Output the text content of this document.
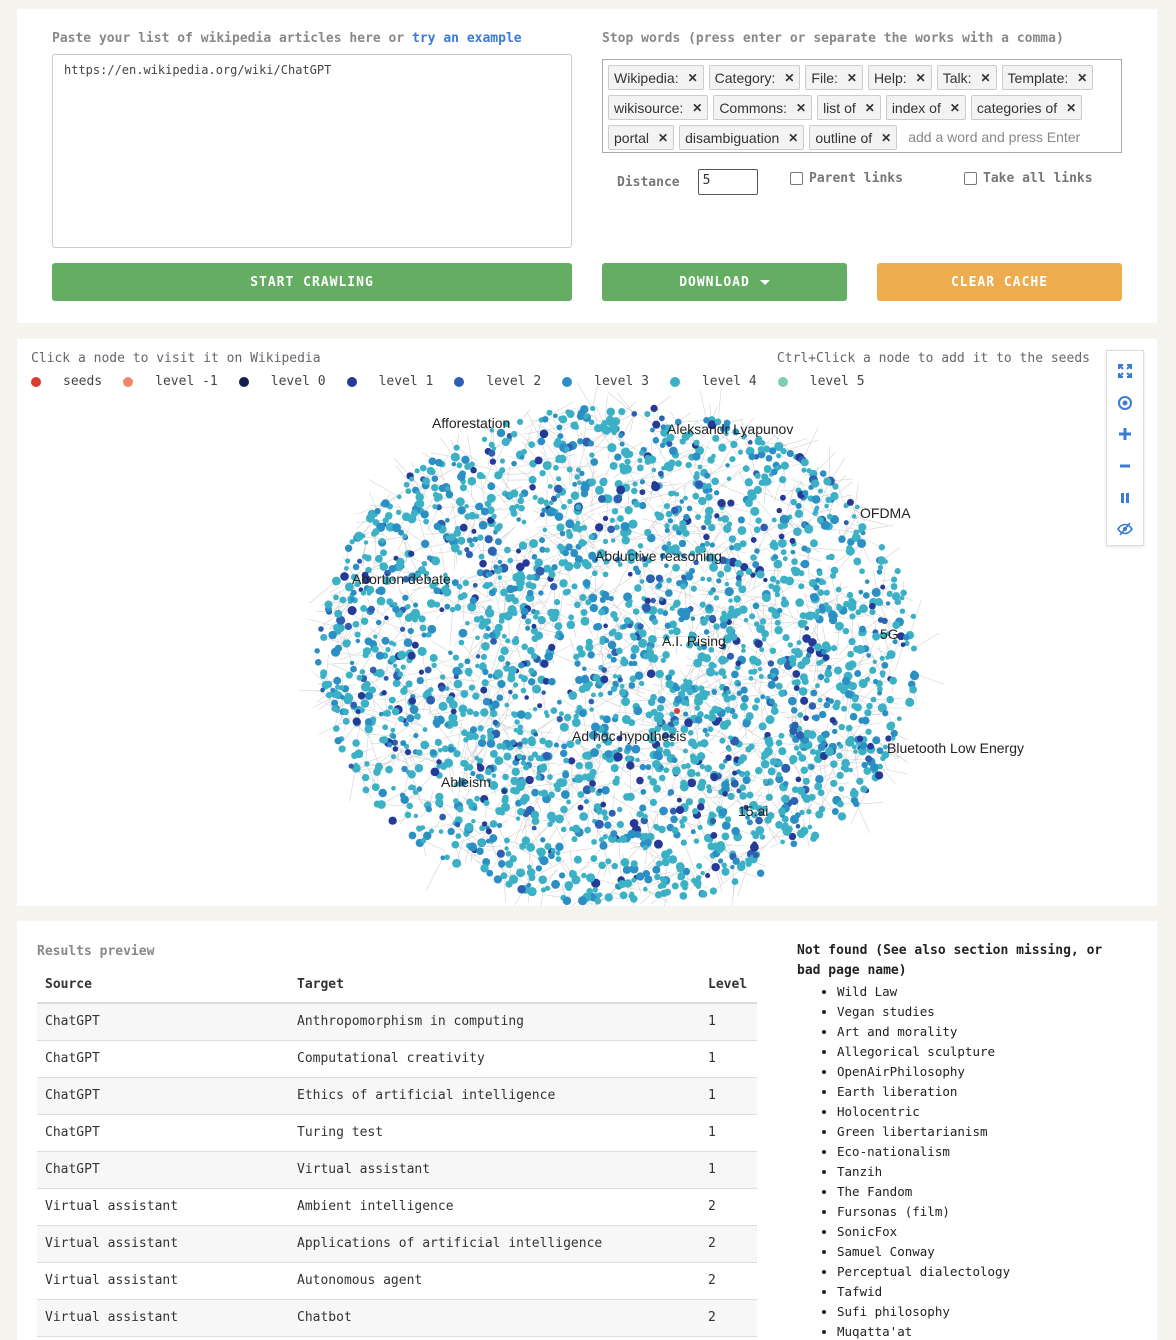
Paste your list of wikipedia articles here or try an example
https://en.wikipedia.org/wiki/ChatGPT
Stop words (press enter or separate the works with a comma)
Wikipedia: ✕ Category: ✕ File: ✕ Help: ✕ Talk: ✕ Template: ✕
wikisource: ✕ Commons: ✕ list of ✕ index of ✕ categories of ✕
portal ✕ disambiguation ✕ outline of ✕ add a word and press Enter
Distance	5	Parent links	Take all links
START CRAWLING	DOWNLOAD	CLEAR CACHE
Afforestation	Aleksandr Lyapunov
OFDMA
Abductive reasoning
Abortion debate
5G
A.I. Rising
Ad hoc hypothesis
Bluetooth Low Energy
Ableism
15.ai
Click a node to visit it on Wikipedia	Ctrl+Click a node to add it to the seeds
seeds	level -1	level 0	level 1	level 2	level 3	level 4	level 5
Results preview
Source	Target	Level
ChatGPT	Anthropomorphism in computing	1
ChatGPT	Computational creativity	1
ChatGPT	Ethics of artificial intelligence	1
ChatGPT	Turing test	1
ChatGPT	Virtual assistant	1
Virtual assistant	Ambient intelligence	2
Virtual assistant	Applications of artificial intelligence	2
Virtual assistant	Autonomous agent	2
Virtual assistant	Chatbot	2
Not found (See also section missing, or bad page name)
• Wild Law
• Vegan studies
• Art and morality
• Allegorical sculpture
• OpenAirPhilosophy
• Earth liberation
• Holocentric
• Green libertarianism
• Eco-nationalism
• Tanzih
• The Fandom
• Fursonas (film)
• SonicFox
• Samuel Conway
• Perceptual dialectology
• Tafwid
• Sufi philosophy
• Muqatta'at
